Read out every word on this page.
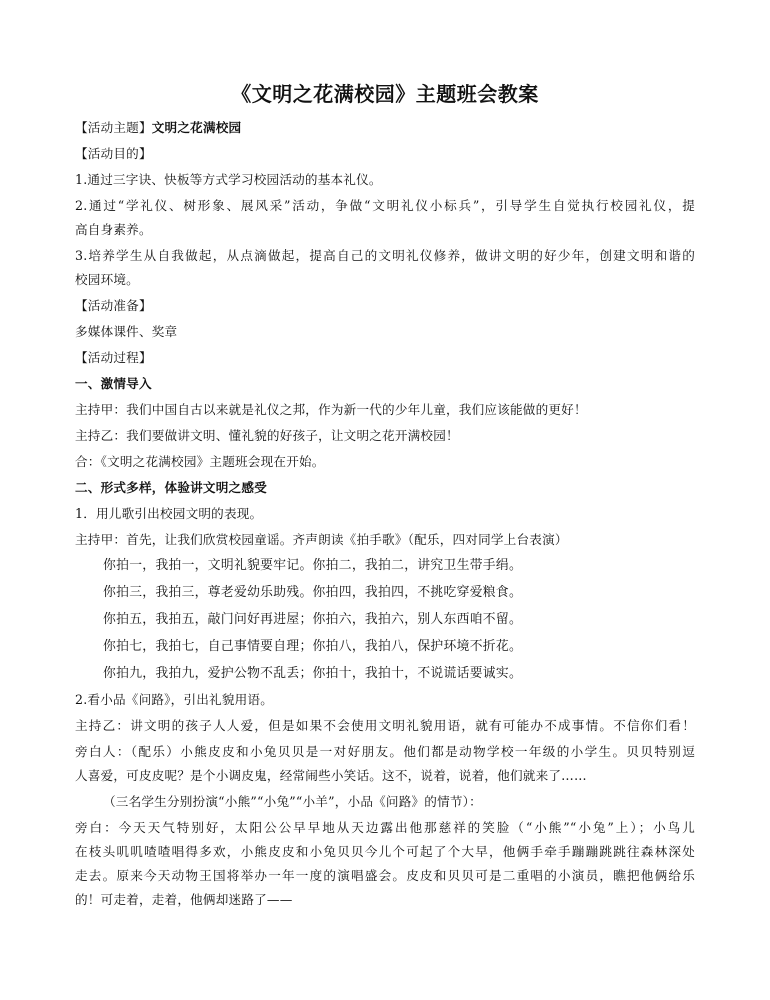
《文明之花满校园》主题班会教案
【活动主题】文明之花满校园
【活动目的】
1.通过三字诀、快板等方式学习校园活动的基本礼仪。
2.通过“学礼仪、树形象、展风采”活动，争做“文明礼仪小标兵”，引导学生自觉执行校园礼仪，提
高自身素养。
3.培养学生从自我做起，从点滴做起，提高自己的文明礼仪修养，做讲文明的好少年，创建文明和谐的
校园环境。
【活动准备】
多媒体课件、奖章
【活动过程】
一、激情导入
主持甲：我们中国自古以来就是礼仪之邦，作为新一代的少年儿童，我们应该能做的更好！
主持乙：我们要做讲文明、懂礼貌的好孩子，让文明之花开满校园！
合：《文明之花满校园》主题班会现在开始。
二、形式多样，体验讲文明之感受
1．用儿歌引出校园文明的表现。
主持甲：首先，让我们欣赏校园童谣。齐声朗读《拍手歌》（配乐，四对同学上台表演）
你拍一，我拍一，文明礼貌要牢记。你拍二，我拍二，讲究卫生带手绢。
你拍三，我拍三，尊老爱幼乐助残。你拍四，我拍四，不挑吃穿爱粮食。
你拍五，我拍五，敲门问好再进屋；你拍六，我拍六，别人东西咱不留。
你拍七，我拍七，自己事情要自理；你拍八，我拍八，保护环境不折花。
你拍九，我拍九，爱护公物不乱丢；你拍十，我拍十，不说谎话要诚实。
2.看小品《问路》，引出礼貌用语。
主持乙：讲文明的孩子人人爱，但是如果不会使用文明礼貌用语，就有可能办不成事情。不信你们看！
旁白人：（配乐）小熊皮皮和小兔贝贝是一对好朋友。他们都是动物学校一年级的小学生。贝贝特别逗
人喜爱，可皮皮呢？是个小调皮鬼，经常闹些小笑话。这不，说着，说着，他们就来了……
（三名学生分别扮演“小熊”“小兔”“小羊”，小品《问路》的情节）：
旁白：今天天气特别好，太阳公公早早地从天边露出他那慈祥的笑脸（“小熊”“小兔”上）；小鸟儿
在枝头叽叽喳喳唱得多欢，小熊皮皮和小兔贝贝今儿个可起了个大早，他俩手牵手蹦蹦跳跳往森林深处
走去。原来今天动物王国将举办一年一度的演唱盛会。皮皮和贝贝可是二重唱的小演员，瞧把他俩给乐
的！可走着，走着，他俩却迷路了——
